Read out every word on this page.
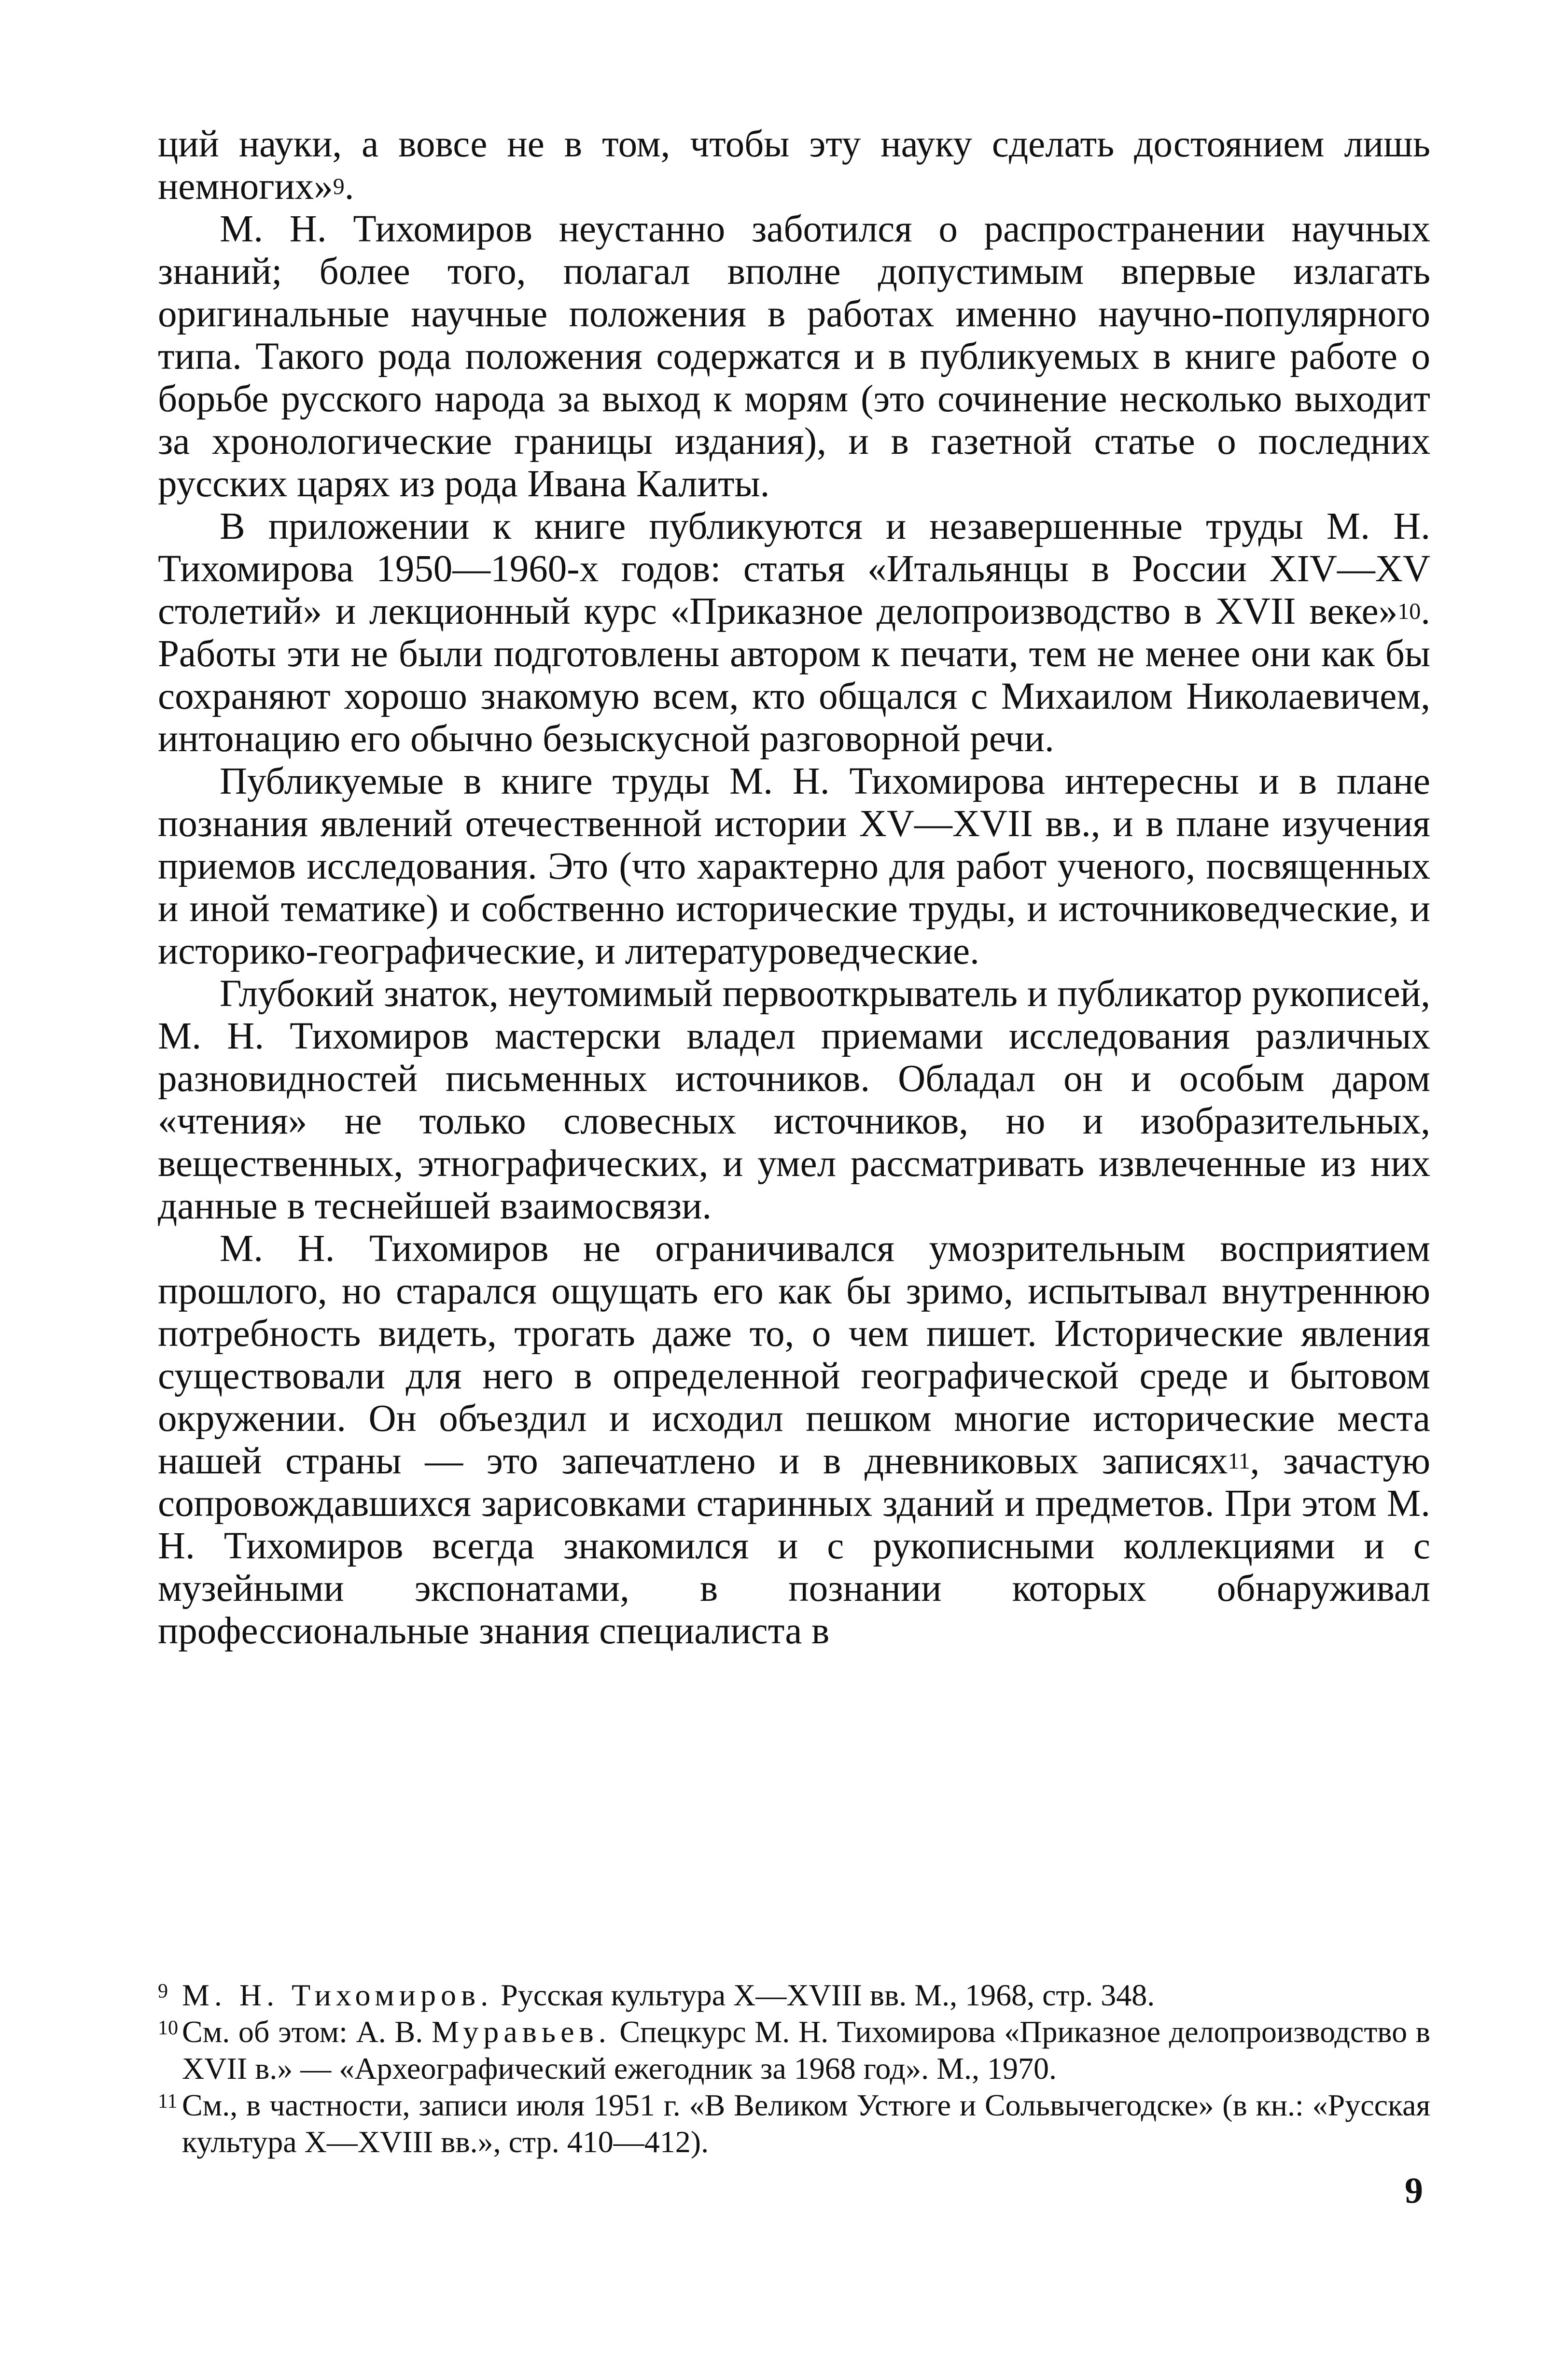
ций науки, а вовсе не в том, чтобы эту науку сделать достоянием лишь немногих»$^9$.

М. Н. Тихомиров неустанно заботился о распространении научных знаний; более того, полагал вполне допустимым впервые излагать оригинальные научные положения в работах именно научно-популярного типа. Такого рода положения содержатся и в публикуемых в книге работе о борьбе русского народа за выход к морям (это сочинение несколько выходит за хронологические границы издания), и в газетной статье о последних русских царях из рода Ивана Калиты.

В приложении к книге публикуются и незавершенные труды М. Н. Тихомирова 1950—1960-х годов: статья «Итальянцы в России XIV—XV столетий» и лекционный курс «Приказное делопроизводство в XVII веке»$^{10}$. Работы эти не были подготовлены автором к печати, тем не менее они как бы сохраняют хорошо знакомую всем, кто общался с Михаилом Николаевичем, интонацию его обычно безыскусной разговорной речи.

Публикуемые в книге труды М. Н. Тихомирова интересны и в плане познания явлений отечественной истории XV—XVII вв., и в плане изучения приемов исследования. Это (что характерно для работ ученого, посвященных и иной тематике) и собственно исторические труды, и источниковедческие, и историко-географические, и литературоведческие.

Глубокий знаток, неутомимый первооткрыватель и публикатор рукописей, М. Н. Тихомиров мастерски владел приемами исследования различных разновидностей письменных источников. Обладал он и особым даром «чтения» не только словесных источников, но и изобразительных, вещественных, этнографических, и умел рассматривать извлеченные из них данные в теснейшей взаимосвязи.

М. Н. Тихомиров не ограничивался умозрительным восприятием прошлого, но старался ощущать его как бы зримо, испытывал внутреннюю потребность видеть, трогать даже то, о чем пишет. Исторические явления существовали для него в определенной географической среде и бытовом окружении. Он объездил и исходил пешком многие исторические места нашей страны — это запечатлено и в дневниковых записях$^{11}$, зачастую сопровождавшихся зарисовками старинных зданий и предметов. При этом М. Н. Тихомиров всегда знакомился и с рукописными коллекциями и с музейными экспонатами, в познании которых обнаруживал профессиональные знания специалиста в

9 М. Н. Тихомиров. Русская культура X—XVIII вв. М., 1968, стр. 348.

10 См. об этом: А. В. Муравьев. Спецкурс М. Н. Тихомирова «Приказное делопроизводство в XVII в.» — «Археографический ежегодник за 1968 год». М., 1970.

11 См., в частности, записи июля 1951 г. «В Великом Устюге и Сольвычегодске» (в кн.: «Русская культура X—XVIII вв.», стр. 410—412).

9
